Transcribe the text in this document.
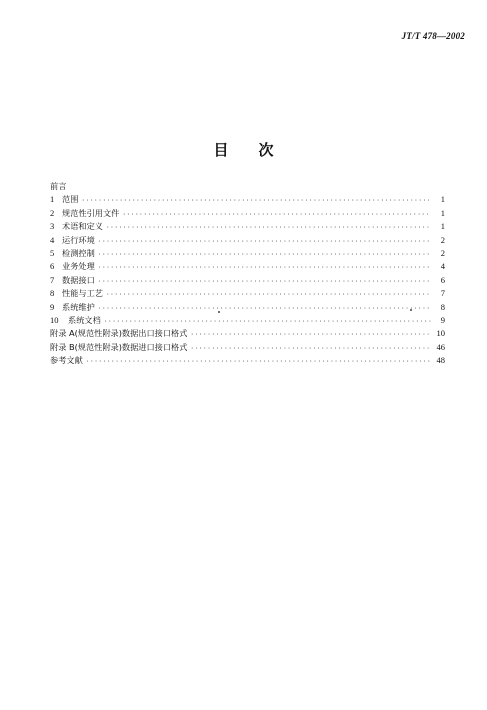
JT/T 478—2002
目 次
前言
1 范围 ·····	1
2 规范性引用文件 ·····	1
3 术语和定义 ·····	1
4 运行环境 ·····	2
5 检测控制 ·····	2
6 业务处理 ·····	4
7 数据接口 ·····	6
8 性能与工艺 ·····	7
9 系统维护 ·····	8
10	系统文档 ·····	9
附录 A(规范性附录)数据出口接口格式 ·····	10
附录 B(规范性附录)数据进口接口格式 ·····	46
参考文献 ·····	48
